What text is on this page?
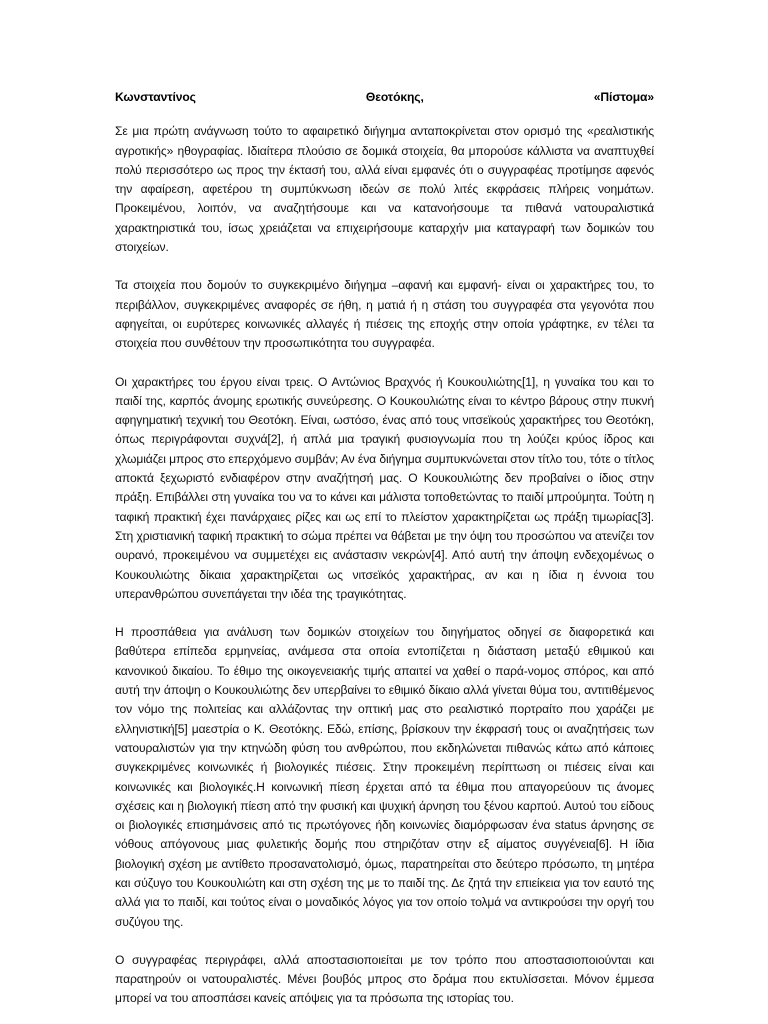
Κωνσταντίνος	Θεοτόκης,	«Πίστομα»

Σε μια πρώτη ανάγνωση τούτο το αφαιρετικό διήγημα ανταποκρίνεται στον ορισμό της «ρεαλιστικής αγροτικής» ηθογραφίας. Ιδιαίτερα πλούσιο σε δομικά στοιχεία, θα μπορούσε κάλλιστα να αναπτυχθεί πολύ περισσότερο ως προς την έκτασή του, αλλά είναι εμφανές ότι ο συγγραφέας προτίμησε αφενός την αφαίρεση, αφετέρου τη συμπύκνωση ιδεών σε πολύ λιτές εκφράσεις πλήρεις νοημάτων. Προκειμένου, λοιπόν, να αναζητήσουμε και να κατανοήσουμε τα πιθανά νατουραλιστικά χαρακτηριστικά του, ίσως χρειάζεται να επιχειρήσουμε καταρχήν μια καταγραφή των δομικών του στοιχείων.

Τα στοιχεία που δομούν το συγκεκριμένο διήγημα –αφανή και εμφανή- είναι οι χαρακτήρες του, το περιβάλλον, συγκεκριμένες αναφορές σε ήθη, η ματιά ή η στάση του συγγραφέα στα γεγονότα που αφηγείται, οι ευρύτερες κοινωνικές αλλαγές ή πιέσεις της εποχής στην οποία γράφτηκε, εν τέλει τα στοιχεία που συνθέτουν την προσωπικότητα του συγγραφέα.

Οι χαρακτήρες του έργου είναι τρεις. Ο Αντώνιος Βραχνός ή Κουκουλιώτης[1], η γυναίκα του και το παιδί της, καρπός άνομης ερωτικής συνεύρεσης. Ο Κουκουλιώτης είναι το κέντρο βάρους στην πυκνή αφηγηματική τεχνική του Θεοτόκη. Είναι, ωστόσο, ένας από τους νιτσεϊκούς χαρακτήρες του Θεοτόκη, όπως περιγράφονται συχνά[2], ή απλά μια τραγική φυσιογνωμία που τη λούζει κρύος ίδρος και χλωμιάζει μπρος στο επερχόμενο συμβάν; Αν ένα διήγημα συμπυκνώνεται στον τίτλο του, τότε ο τίτλος αποκτά ξεχωριστό ενδιαφέρον στην αναζήτησή μας. Ο Κουκουλιώτης δεν προβαίνει ο ίδιος στην πράξη. Επιβάλλει στη γυναίκα του να το κάνει και μάλιστα τοποθετώντας το παιδί μπρούμητα. Τούτη η ταφική πρακτική έχει πανάρχαιες ρίζες και ως επί το πλείστον χαρακτηρίζεται ως πράξη τιμωρίας[3]. Στη χριστιανική ταφική πρακτική το σώμα πρέπει να θάβεται με την όψη του προσώπου να ατενίζει τον ουρανό, προκειμένου να συμμετέχει εις ανάστασιν νεκρών[4]. Από αυτή την άποψη ενδεχομένως ο Κουκουλιώτης δίκαια χαρακτηρίζεται ως νιτσεϊκός χαρακτήρας, αν και η ίδια η έννοια του υπερανθρώπου συνεπάγεται την ιδέα της τραγικότητας.

Η προσπάθεια για ανάλυση των δομικών στοιχείων του διηγήματος οδηγεί σε διαφορετικά και βαθύτερα επίπεδα ερμηνείας, ανάμεσα στα οποία εντοπίζεται η διάσταση μεταξύ εθιμικού και κανονικού δικαίου. Το έθιμο της οικογενειακής τιμής απαιτεί να χαθεί ο παρά-νομος σπόρος, και από αυτή την άποψη ο Κουκουλιώτης δεν υπερβαίνει το εθιμικό δίκαιο αλλά γίνεται θύμα του, αντιτιθέμενος τον νόμο της πολιτείας και αλλάζοντας την οπτική μας στο ρεαλιστικό πορτραίτο που χαράζει με ελληνιστική[5] μαεστρία ο Κ. Θεοτόκης. Εδώ, επίσης, βρίσκουν την έκφρασή τους οι αναζητήσεις των νατουραλιστών για την κτηνώδη φύση του ανθρώπου, που εκδηλώνεται πιθανώς κάτω από κάποιες συγκεκριμένες κοινωνικές ή βιολογικές πιέσεις. Στην προκειμένη περίπτωση οι πιέσεις είναι και κοινωνικές και βιολογικές.Η κοινωνική πίεση έρχεται από τα έθιμα που απαγορεύουν τις άνομες σχέσεις και η βιολογική πίεση από την φυσική και ψυχική άρνηση του ξένου καρπού. Αυτού του είδους οι βιολογικές επισημάνσεις από τις πρωτόγονες ήδη κοινωνίες διαμόρφωσαν ένα status άρνησης σε νόθους απόγονους μιας φυλετικής δομής που στηριζόταν στην εξ αίματος συγγένεια[6]. Η ίδια βιολογική σχέση με αντίθετο προσανατολισμό, όμως, παρατηρείται στο δεύτερο πρόσωπο, τη μητέρα και σύζυγο του Κουκουλιώτη και στη σχέση της με το παιδί της. Δε ζητά την επιείκεια για τον εαυτό της αλλά για το παιδί, και τούτος είναι ο μοναδικός λόγος για τον οποίο τολμά να αντικρούσει την οργή του συζύγου της.

Ο συγγραφέας περιγράφει, αλλά αποστασιοποιείται με τον τρόπο που αποστασιοποιούνται και παρατηρούν οι νατουραλιστές. Μένει βουβός μπρος στο δράμα που εκτυλίσσεται. Μόνον έμμεσα μπορεί να του αποσπάσει κανείς απόψεις για τα πρόσωπα της ιστορίας του.
